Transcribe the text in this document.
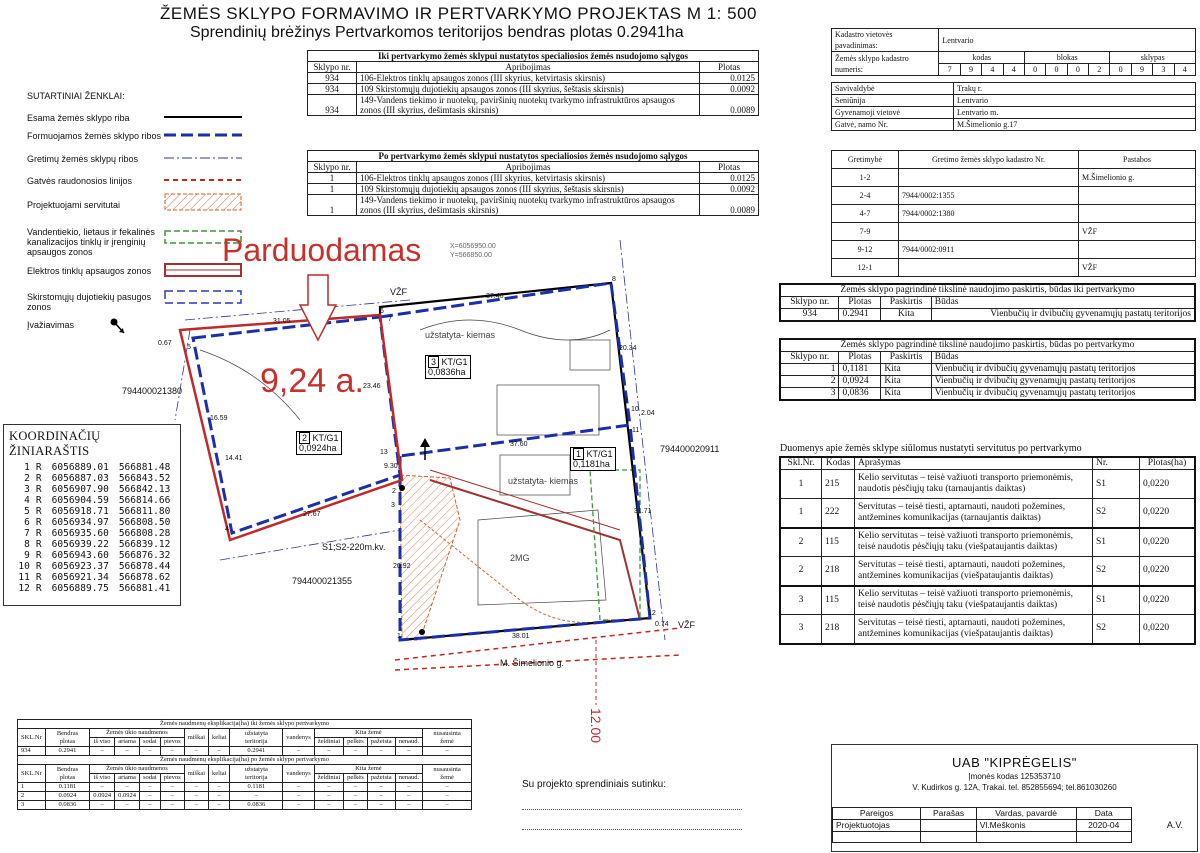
ŽEMĖS SKLYPO FORMAVIMO IR PERTVARKYMO PROJEKTAS M 1: 500
Sprendinių brėžinys Pertvarkomos teritorijos bendras plotas 0.2941ha
Iki pertvarkymo žemės sklypui nustatytos specialiosios žemės nsudojomo sąlygos		
Sklypo nr.	Apribojimas	Plotas
934	106-Elektros tinklų apsaugos zonos (III skyrius, ketvirtasis skirsnis)	0.0125
934	109 Skirstomųjų dujotiekių apsaugos zonos (III skyrius, šeštasis skirsnis)	0.0092
934	149-Vandens tiekimo ir nuotekų, paviršinių nuotekų tvarkymo infrastruktūros apsaugos zonos (III skyrius, dešimtasis skirsnis)	0.0089
Po pertvarkymo žemės sklypui nustatytos specialiosios žemės nsudojomo sąlygos		
Sklypo nr.	Apribojimas	Plotas
1	106-Elektros tinklų apsaugos zonos (III skyrius, ketvirtasis skirsnis)	0.0125
1	109 Skirstomųjų dujotiekių apsaugos zonos (III skyrius, šeštasis skirsnis)	0.0092
1	149-Vandens tiekimo ir nuotekų, paviršinių nuotekų tvarkymo infrastruktūros apsaugos zonos (III skyrius, dešimtasis skirsnis)	0.0089
SUTARTINIAI ŽENKLAI:
Esama žemės sklypo riba
Formuojamos žemės sklypo ribos
Gretimų žemės sklypų ribos
Gatvės raudonosios linijos
Projektuojami servitutai
Vandentiekio, lietaus ir fekalinės kanalizacijos tinklų ir įrenginių apsaugos zonos
Elektros tinklų apsaugos zonos
Skirstomųjų dujotiekių pasugos zonos
Įvažiavimas
KOORDINAČIŲ ŽINIARAŠTIS
1 R	6056889.01	566881.48
2 R	6056887.03	566843.52
3 R	6056907.90	566842.13
4 R	6056904.59	566814.66
5 R	6056918.71	566811.80
6 R	6056934.97	566808.50
7 R	6056935.60	566808.28
8 R	6056939.22	566839.12
9 R	6056943.60	566876.32
10 R	6056923.37	566878.44
11 R	6056921.34	566878.62
12 R	6056889.75	566881.41
Parduodamas
9,24 a.
X=6056950.00
Y=566850.00
VŽF
VŽF
2 KT/G1
0,0924ha
3 KT/G1
0,0836ha
1 KT/G1
0,1181ha
794400021380
794400020911
794400021355
S1;S2-220m.kv.
M. Šimelionio g.
12.00
užstatyta- kiemas
užstatyta- kiemas
2MG
37.46
31.05
0.67
20.34
23.46
16.59
14.41
2.04
37.60
9.30
27.67
20.92
31.71
38.01
0.74
1
2
3
4
5
6
7
8
9
10
11
12
13
Kadastro vietovės pavadinimas:	Lentvario											
Žemės sklypo kadastro numeris:	kodas				blokas				sklypas			
	7	9	4	4	0	0	0	2	0	9	3	4
Savivaldybė	Trakų r.
Seniūnija	Lentvario
Gyvenamoji vietovė	Lentvario m.
Gatvė, namo Nr.	M.Šimelionio g.17
Gretimybė	Gretimo žemės sklypo kadastro Nr.	Pastabos
1-2		M.Šimelionio g.
2-4	7944/0002:1355	
4-7	7944/0002:1380	
7-9		VŽF
9-12	7944/0002:0911	
12-1		VŽF
Žemės sklypo pagrindinė tikslinė naudojimo paskirtis, būdas iki pertvarkymo			
Sklypo nr.	Plotas	Paskirtis	Būdas
934	0.2941	Kita	Vienbučių ir dvibučių gyvenamųjų pastatų teritorijos
Žemės sklypo pagrindinė tikslinė naudojimo paskirtis, būdas po pertvarkymo			
Sklypo nr.	Plotas	Paskirtis	Būdas
1	0,1181	Kita	Vienbučių ir dvibučių gyvenamųjų pastatų teritorijos
2	0,0924	Kita	Vienbučių ir dvibučių gyvenamųjų pastatų teritorijos
3	0,0836	Kita	Vienbučių ir dvibučių gyvenamųjų pastatų teritorijos
Duomenys apie žemės sklype siūlomus nustatyti servitutus po pertvarkymo
Skl.Nr.	Kodas	Aprašymas	Nr.	Plotas(ha)
1	215	Kelio servitutas – teisė važiuoti transporto priemonėmis, naudotis pėsčiųjų taku (tarnaujantis daiktas)	S1	0,0220
1	222	Servitutas – teisė tiesti, aptarnauti, naudoti požemines, antžemines komunikacijas (tarnaujantis daiktas)	S2	0,0220
2	115	Kelio servitutas – teisė važiuoti transporto priemonėmis, teisė naudotis pėsčiųjų taku (viešpataujantis daiktas)	S1	0,0220
2	218	Servitutas – teisė tiesti, aptarnauti, naudoti požemines, antžemines komunikacijas (viešpataujantis daiktas)	S2	0,0220
3	115	Kelio servitutas – teisė važiuoti transporto priemonėmis, teisė naudotis pėsčiųjų taku (viešpataujantis daiktas)	S1	0,0220
3	218	Servitutas – teisė tiesti, aptarnauti, naudoti požemines, antžemines komunikacijas (viešpataujantis daiktas)	S2	0,0220
Žemės naudmenų eksplikacija(ha) iki žemės sklypo pertvarkymo														
SKL.Nr	Bendras plotas	Žemės ūkio naudmenos				miškai	keliai	užstatyta teritorija	vandenys	Kita žemė				nusausinta žemė
		iš viso	ariama	sodai	pievos					želdiniai	pelkės	pažeista	nenaud.	
934	0.2941	–	–	–	–	–	–	0.2941	–	–	–	–	–	–
Žemės naudmenų eksplikacija(ha) po žemės sklypo pertvarkymo														
SKL.Nr	Bendras plotas	Žemės ūkio naudmenos				miškai	keliai	užstatyta teritorija	vandenys	Kita žemė				nusausinta žemė
		iš viso	ariama	sodai	pievos					želdiniai	pelkės	pažeista	nenaud.	
1	0.1181	–	–	–	–	–	–	0.1181	–	–	–	–	–	–
2	0.0924	0.0924	0.0924	–	–	–	–	–	–	–	–	–	–	–
3	0.0836	–	–	–	–	–	–	0.0836	–	–	–	–	–	–
Su projekto sprendiniais sutinku:
UAB "KIPRĖGELIS"
Įmonės kodas 125353710
V. Kudirkos g. 12A, Trakai. tel. 852855694; tel.861030260
Pareigos	Parašas	Vardas, pavardė	Data
Projektuotojas		Vl.Meškonis	2020-04
				A.V.
